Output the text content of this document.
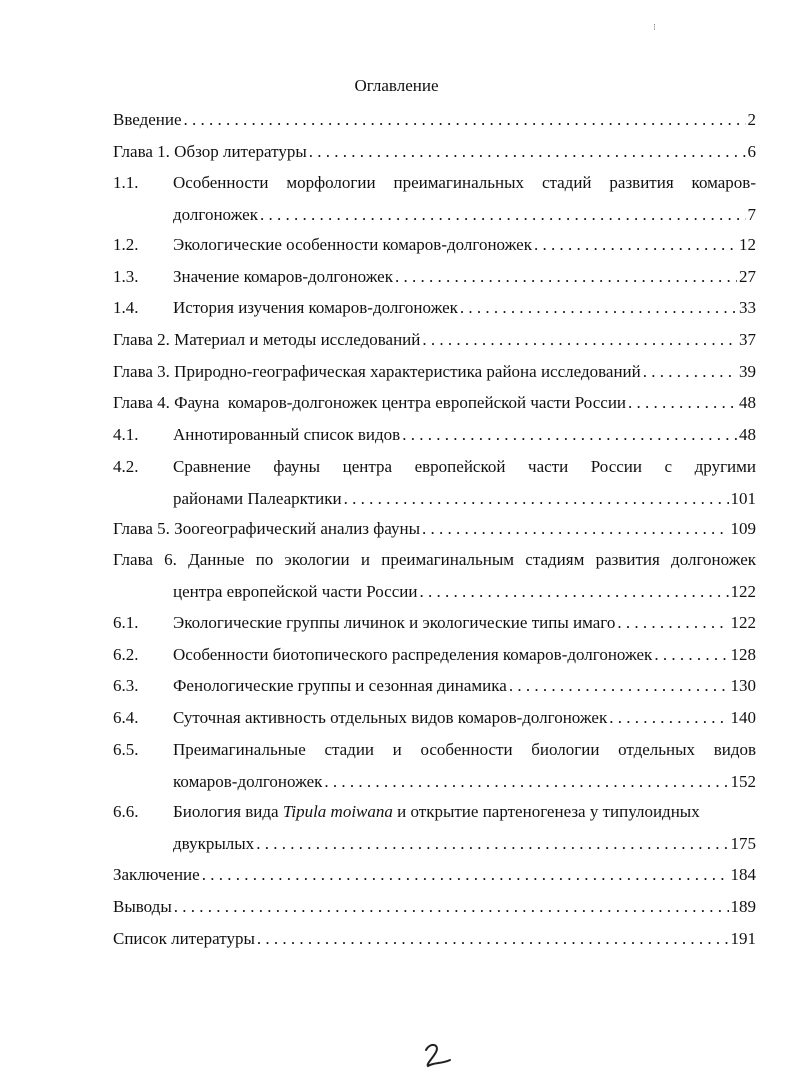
⁝
Оглавление
Введение . . .	2
Глава 1. Обзор литературы . . .	6
1.1.	Особенности морфологии преимагинальных стадий развития комаров-
долгоножек . . .	7
1.2.	Экологические особенности комаров-долгоножек . . .	12
1.3.	Значение комаров-долгоножек . . .	27
1.4.	История изучения комаров-долгоножек . . .	33
Глава 2. Материал и методы исследований . . .	37
Глава 3. Природно-географическая характеристика района исследований . . .	39
Глава 4. Фауна  комаров-долгоножек центра европейской части России . . .	48
4.1.	Аннотированный список видов . . .	48
4.2.	Сравнение фауны центра европейской части России с другими
районами Палеарктики . . .	101
Глава 5. Зоогеографический анализ фауны . . .	109
Глава 6. Данные по экологии и преимагинальным стадиям развития долгоножек
центра европейской части России . . .	122
6.1.	Экологические группы личинок и экологические типы имаго . . .	122
6.2.	Особенности биотопического распределения комаров-долгоножек . . .	128
6.3.	Фенологические группы и сезонная динамика . . .	130
6.4.	Суточная активность отдельных видов комаров-долгоножек . . .	140
6.5.	Преимагинальные стадии и особенности биологии отдельных видов
комаров-долгоножек . . .	152
6.6.	Биология вида Tipula moiwana и открытие партеногенеза у типулоидных
двукрылых . . .	175
Заключение . . .	184
Выводы . . .	189
Список литературы . . .	191
